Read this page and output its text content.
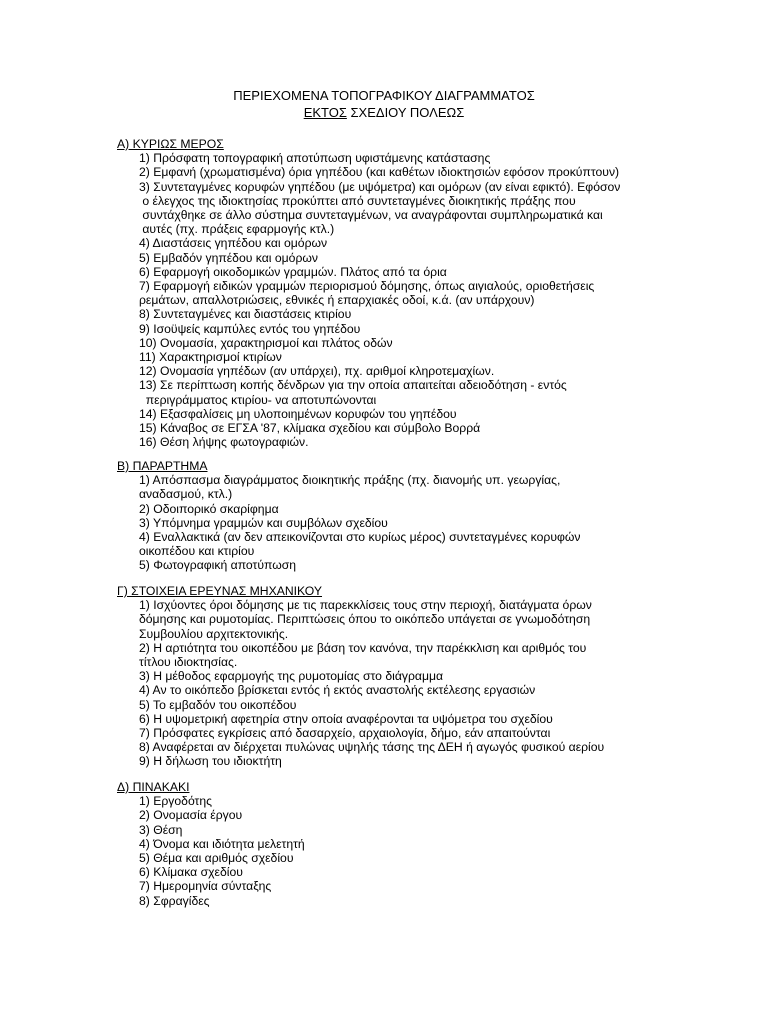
ΠΕΡΙΕΧΟΜΕΝΑ ΤΟΠΟΓΡΑΦΙΚΟΥ ΔΙΑΓΡΑΜΜΑΤΟΣ
ΕΚΤΟΣ ΣΧΕΔΙΟΥ ΠΟΛΕΩΣ
Α) ΚΥΡΙΩΣ ΜΕΡΟΣ
1) Πρόσφατη τοπογραφική αποτύπωση υφιστάμενης κατάστασης
2) Εμφανή (χρωματισμένα) όρια γηπέδου (και καθέτων ιδιοκτησιών εφόσον προκύπτουν)
3) Συντεταγμένες κορυφών γηπέδου (με υψόμετρα) και ομόρων (αν είναι εφικτό). Εφόσον
ο έλεγχος της ιδιοκτησίας προκύπτει από συντεταγμένες διοικητικής πράξης που
συντάχθηκε σε άλλο σύστημα συντεταγμένων, να αναγράφονται συμπληρωματικά και
αυτές (πχ. πράξεις εφαρμογής κτλ.)
4) Διαστάσεις γηπέδου και ομόρων
5) Εμβαδόν γηπέδου και ομόρων
6) Εφαρμογή οικοδομικών γραμμών. Πλάτος από τα όρια
7) Εφαρμογή ειδικών γραμμών περιορισμού δόμησης, όπως αιγιαλούς, οριοθετήσεις
ρεμάτων, απαλλοτριώσεις, εθνικές ή επαρχιακές οδοί, κ.ά. (αν υπάρχουν)
8) Συντεταγμένες και διαστάσεις κτιρίου
9) Ισοϋψείς καμπύλες εντός του γηπέδου
10) Ονομασία, χαρακτηρισμοί και πλάτος οδών
11) Χαρακτηρισμοί κτιρίων
12) Ονομασία γηπέδων (αν υπάρχει), πχ. αριθμοί κληροτεμαχίων.
13) Σε περίπτωση κοπής δένδρων για την οποία απαιτείται αδειοδότηση - εντός
περιγράμματος κτιρίου- να αποτυπώνονται
14) Εξασφαλίσεις μη υλοποιημένων κορυφών του γηπέδου
15) Κάναβος σε ΕΓΣΑ '87, κλίμακα σχεδίου και σύμβολο Βορρά
16) Θέση λήψης φωτογραφιών.
Β) ΠΑΡΑΡΤΗΜΑ
1) Απόσπασμα διαγράμματος διοικητικής πράξης (πχ. διανομής υπ. γεωργίας,
αναδασμού, κτλ.)
2) Οδοιπορικό σκαρίφημα
3) Υπόμνημα γραμμών και συμβόλων σχεδίου
4) Εναλλακτικά (αν δεν απεικονίζονται στο κυρίως μέρος) συντεταγμένες κορυφών
οικοπέδου και κτιρίου
5) Φωτογραφική αποτύπωση
Γ) ΣΤΟΙΧΕΙΑ ΕΡΕΥΝΑΣ ΜΗΧΑΝΙΚΟΥ
1) Ισχύοντες όροι δόμησης με τις παρεκκλίσεις τους στην περιοχή, διατάγματα όρων
δόμησης και ρυμοτομίας. Περιπτώσεις όπου το οικόπεδο υπάγεται σε γνωμοδότηση
Συμβουλίου αρχιτεκτονικής.
2) Η αρτιότητα του οικοπέδου με βάση τον κανόνα, την παρέκκλιση και αριθμός του
τίτλου ιδιοκτησίας.
3) Η μέθοδος εφαρμογής της ρυμοτομίας στο διάγραμμα
4) Αν το οικόπεδο βρίσκεται εντός ή εκτός αναστολής εκτέλεσης εργασιών
5) Το εμβαδόν του οικοπέδου
6) Η υψομετρική αφετηρία στην οποία αναφέρονται τα υψόμετρα του σχεδίου
7) Πρόσφατες εγκρίσεις από δασαρχείο, αρχαιολογία, δήμο, εάν απαιτούνται
8) Αναφέρεται αν διέρχεται πυλώνας υψηλής τάσης της ΔΕΗ ή αγωγός φυσικού αερίου
9) Η δήλωση του ιδιοκτήτη
Δ) ΠΙΝΑΚΑΚΙ
1) Εργοδότης
2) Ονομασία έργου
3) Θέση
4) Όνομα και ιδιότητα μελετητή
5) Θέμα και αριθμός σχεδίου
6) Κλίμακα σχεδίου
7) Ημερομηνία σύνταξης
8) Σφραγίδες
